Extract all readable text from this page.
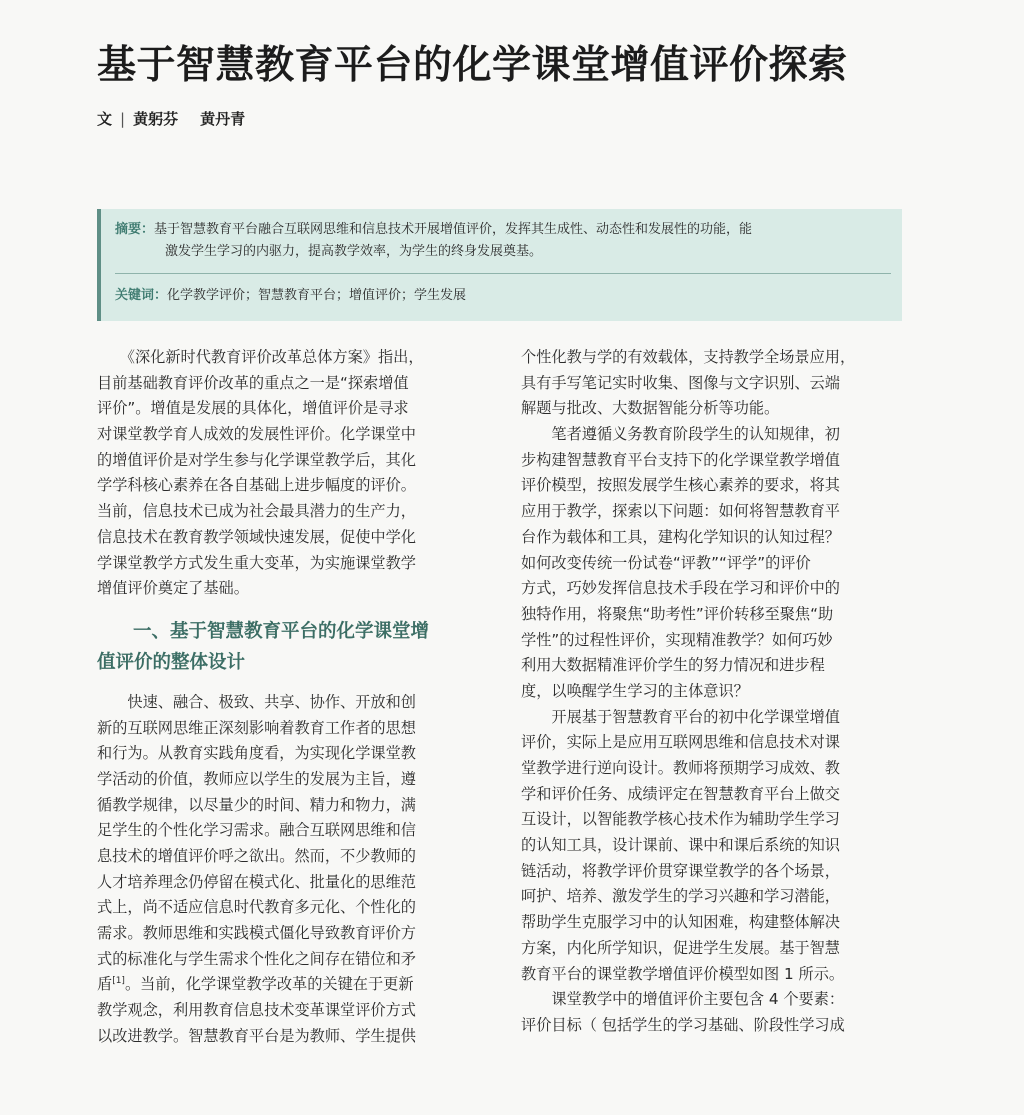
基于智慧教育平台的化学课堂增值评价探索
文 | 黄躬芬 黄丹青
摘要：基于智慧教育平台融合互联网思维和信息技术开展增值评价，发挥其生成性、动态性和发展性的功能，能
激发学生学习的内驱力，提高教学效率，为学生的终身发展奠基。
关键词：化学教学评价；智慧教育平台；增值评价；学生发展
　　《深化新时代教育评价改革总体方案》指出，
目前基础教育评价改革的重点之一是“探索增值
评价”。增值是发展的具体化，增值评价是寻求
对课堂教学育人成效的发展性评价。化学课堂中
的增值评价是对学生参与化学课堂教学后，其化
学学科核心素养在各自基础上进步幅度的评价。
当前，信息技术已成为社会最具潜力的生产力，
信息技术在教育教学领域快速发展，促使中学化
学课堂教学方式发生重大变革，为实施课堂教学
增值评价奠定了基础。
一、基于智慧教育平台的化学课堂增
值评价的整体设计
　　快速、融合、极致、共享、协作、开放和创
新的互联网思维正深刻影响着教育工作者的思想
和行为。从教育实践角度看，为实现化学课堂教
学活动的价值，教师应以学生的发展为主旨，遵
循教学规律，以尽量少的时间、精力和物力，满
足学生的个性化学习需求。融合互联网思维和信
息技术的增值评价呼之欲出。然而，不少教师的
人才培养理念仍停留在模式化、批量化的思维范
式上，尚不适应信息时代教育多元化、个性化的
需求。教师思维和实践模式僵化导致教育评价方
式的标准化与学生需求个性化之间存在错位和矛
盾[1]。当前，化学课堂教学改革的关键在于更新
教学观念，利用教育信息技术变革课堂评价方式
以改进教学。智慧教育平台是为教师、学生提供
个性化教与学的有效载体，支持教学全场景应用，
具有手写笔记实时收集、图像与文字识别、云端
解题与批改、大数据智能分析等功能。
　　笔者遵循义务教育阶段学生的认知规律，初
步构建智慧教育平台支持下的化学课堂教学增值
评价模型，按照发展学生核心素养的要求，将其
应用于教学，探索以下问题：如何将智慧教育平
台作为载体和工具，建构化学知识的认知过程？
如何改变传统一份试卷“评教”“评学”的评价
方式，巧妙发挥信息技术手段在学习和评价中的
独特作用，将聚焦“助考性”评价转移至聚焦“助
学性”的过程性评价，实现精准教学？如何巧妙
利用大数据精准评价学生的努力情况和进步程
度，以唤醒学生学习的主体意识？
　　开展基于智慧教育平台的初中化学课堂增值
评价，实际上是应用互联网思维和信息技术对课
堂教学进行逆向设计。教师将预期学习成效、教
学和评价任务、成绩评定在智慧教育平台上做交
互设计，以智能教学核心技术作为辅助学生学习
的认知工具，设计课前、课中和课后系统的知识
链活动，将教学评价贯穿课堂教学的各个场景，
呵护、培养、激发学生的学习兴趣和学习潜能，
帮助学生克服学习中的认知困难，构建整体解决
方案，内化所学知识，促进学生发展。基于智慧
教育平台的课堂教学增值评价模型如图 1 所示。
　　课堂教学中的增值评价主要包含 4 个要素：
评价目标（ 包括学生的学习基础、阶段性学习成
